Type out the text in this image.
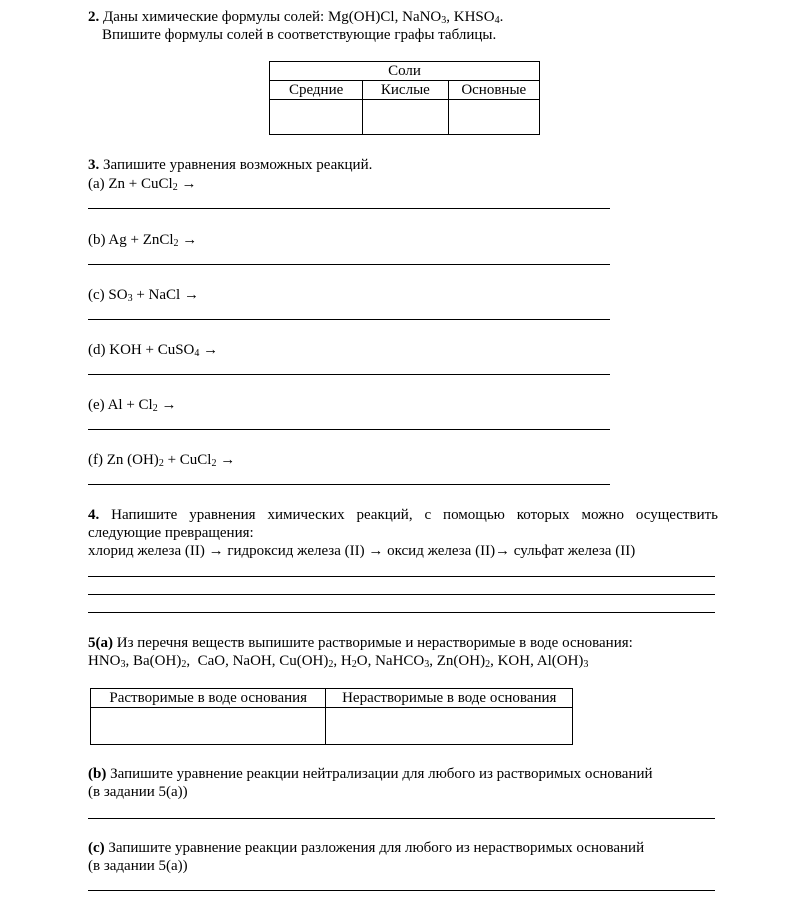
2. Даны химические формулы солей: Mg(OH)Cl, NaNO$_3$, $KHSO_4$.
Впишите формулы солей в соответствующие графы таблицы.
Соли		
Средние	Кислые	Основные

3. Запишите уравнения возможных реакций.
(a) Zn + CuCl$_2$ →
(b) Ag + ZnCl$_2$ →
(c) $SO_3$ + NaCl →
(d) KOH + CuSO$_4$ →
(e) $Al + Cl_2$ →
(f) Zn $(OH)_2$ + CuCl$_2$ →
4. Напишите уравнения химических реакций, с помощью которых можно осуществить
следующие превращения:
хлорид железа (II) → гидроксид железа (II) → оксид железа (II)→ сульфат железа (II)
5(a) Из перечня веществ выпишите растворимые и нерастворимые в воде основания:
$HNO_3$, $Ba(OH)_2$,  CaO, NaOH, $Cu(OH)_2$, $H_2O$, NaHCO$_3$, $Zn(OH)_2$, KOH, $Al(OH)_3$
Растворимые в воде основания	Нерастворимые в воде основания

(b) Запишите уравнение реакции нейтрализации для любого из растворимых оснований
(в задании 5(а))
(c) Запишите уравнение реакции разложения для любого из нерастворимых оснований
(в задании 5(а))
